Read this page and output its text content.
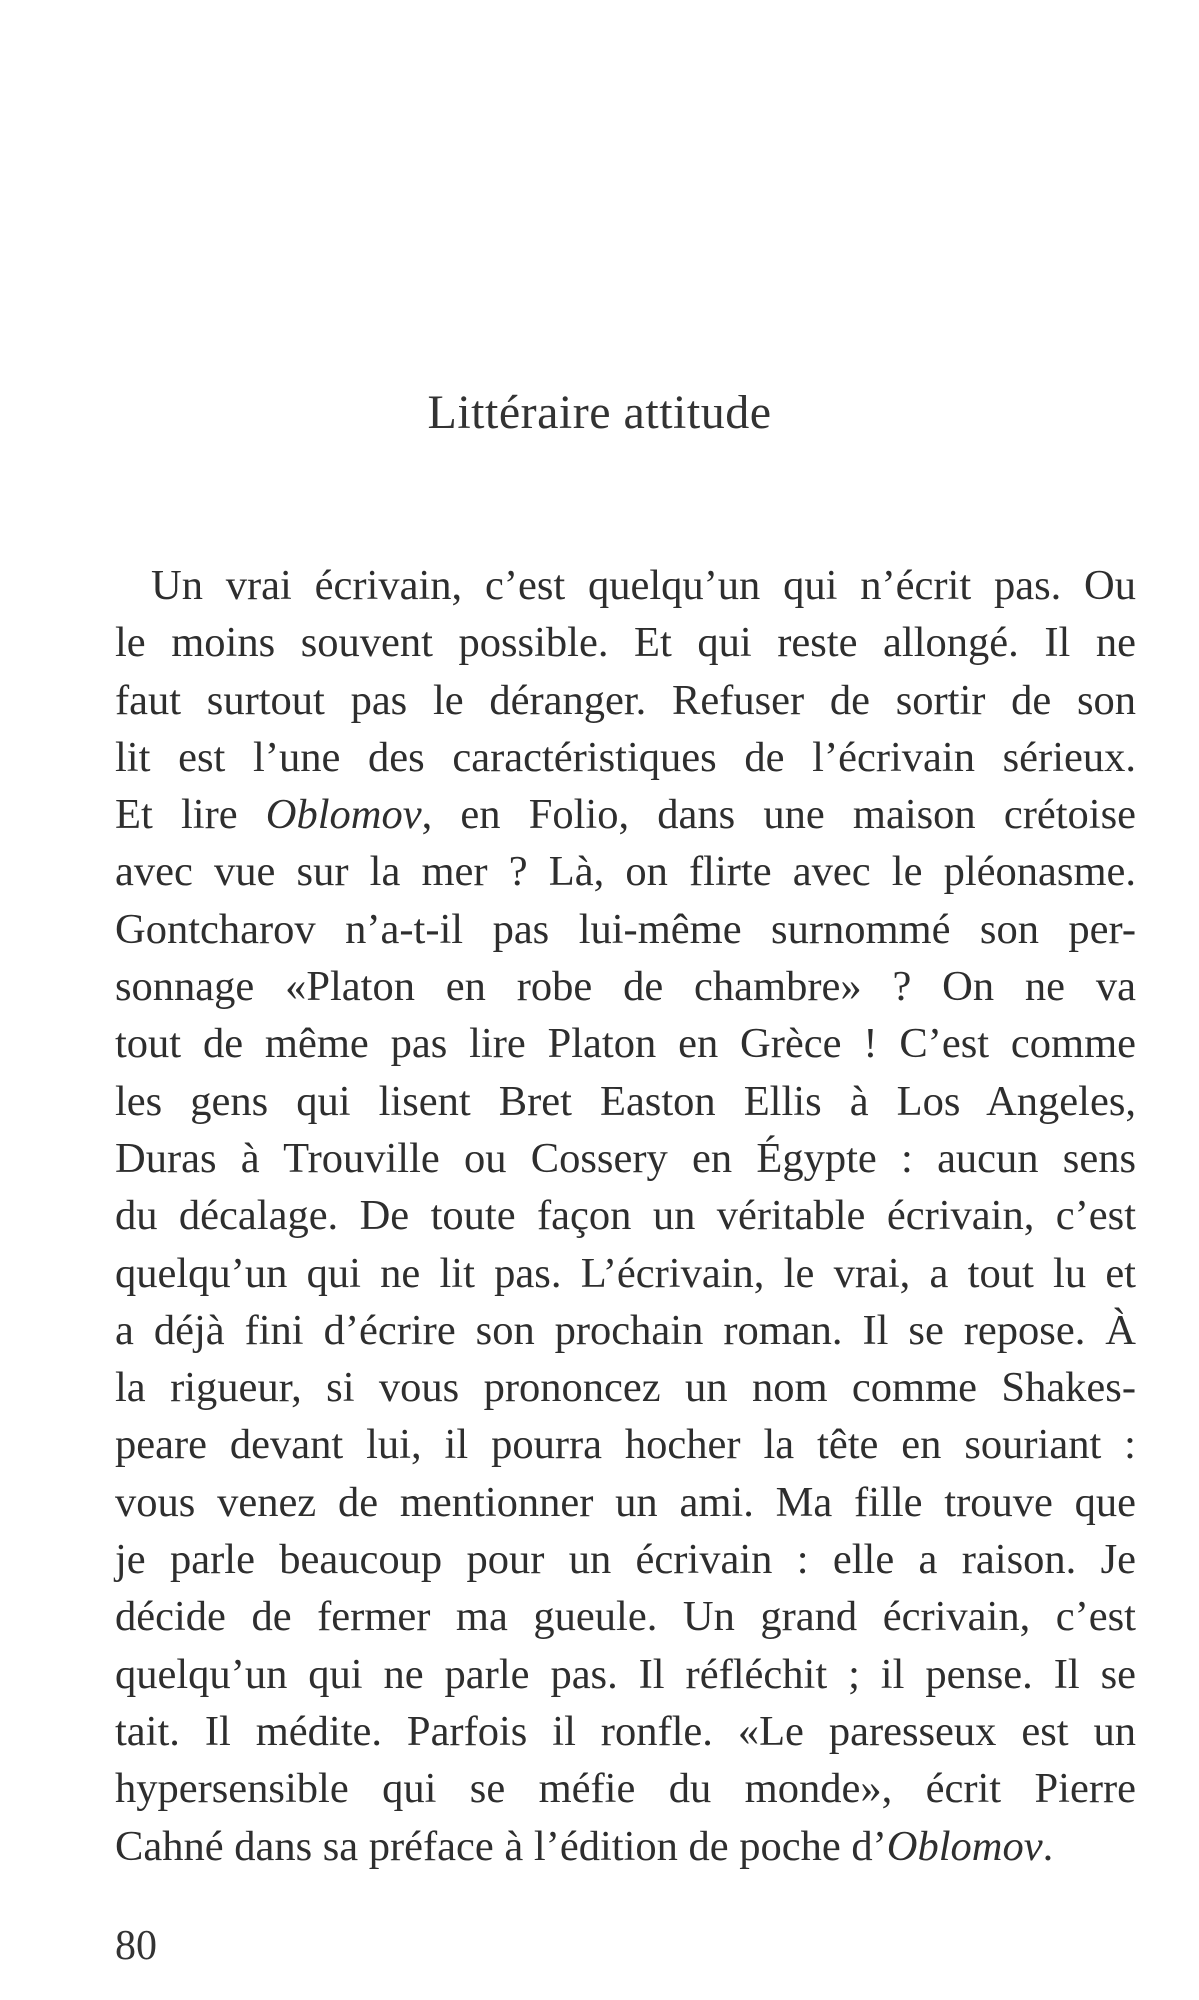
Littéraire attitude
Un vrai écrivain, c’est quelqu’un qui n’écrit pas. Ou
le moins souvent possible. Et qui reste allongé. Il ne
faut surtout pas le déranger. Refuser de sortir de son
lit est l’une des caractéristiques de l’écrivain sérieux.
Et lire Oblomov, en Folio, dans une maison crétoise
avec vue sur la mer ? Là, on flirte avec le pléonasme.
Gontcharov n’a-t-il pas lui-même surnommé son per-
sonnage «Platon en robe de chambre» ? On ne va
tout de même pas lire Platon en Grèce ! C’est comme
les gens qui lisent Bret Easton Ellis à Los Angeles,
Duras à Trouville ou Cossery en Égypte : aucun sens
du décalage. De toute façon un véritable écrivain, c’est
quelqu’un qui ne lit pas. L’écrivain, le vrai, a tout lu et
a déjà fini d’écrire son prochain roman. Il se repose. À
la rigueur, si vous prononcez un nom comme Shakes-
peare devant lui, il pourra hocher la tête en souriant :
vous venez de mentionner un ami. Ma fille trouve que
je parle beaucoup pour un écrivain : elle a raison. Je
décide de fermer ma gueule. Un grand écrivain, c’est
quelqu’un qui ne parle pas. Il réfléchit ; il pense. Il se
tait. Il médite. Parfois il ronfle. «Le paresseux est un
hypersensible qui se méfie du monde», écrit Pierre
Cahné dans sa préface à l’édition de poche d’Oblomov.

80
